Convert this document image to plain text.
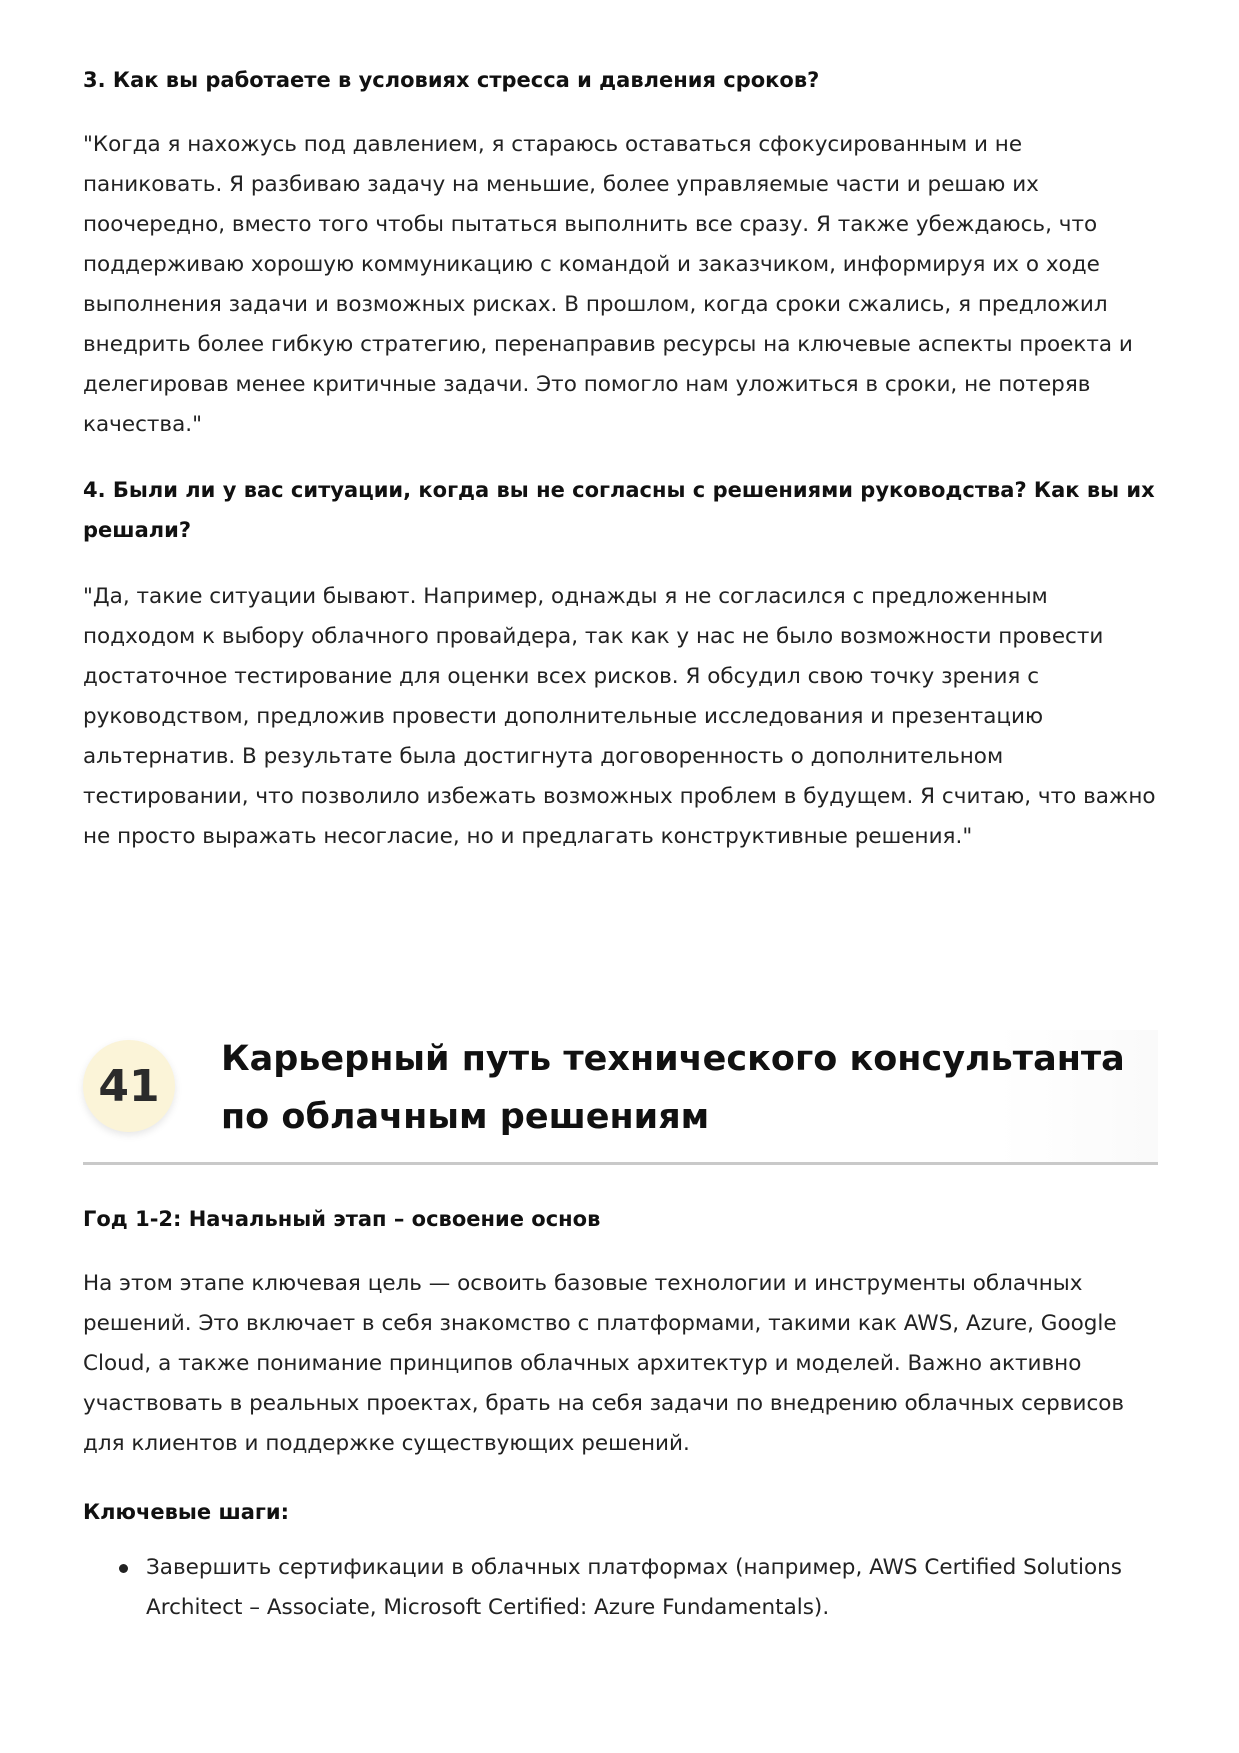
3. Как вы работаете в условиях стресса и давления сроков?

"Когда я нахожусь под давлением, я стараюсь оставаться сфокусированным и не паниковать. Я разбиваю задачу на меньшие, более управляемые части и решаю их поочередно, вместо того чтобы пытаться выполнить все сразу. Я также убеждаюсь, что поддерживаю хорошую коммуникацию с командой и заказчиком, информируя их о ходе выполнения задачи и возможных рисках. В прошлом, когда сроки сжались, я предложил внедрить более гибкую стратегию, перенаправив ресурсы на ключевые аспекты проекта и делегировав менее критичные задачи. Это помогло нам уложиться в сроки, не потеряв качества."

4. Были ли у вас ситуации, когда вы не согласны с решениями руководства? Как вы их решали?

"Да, такие ситуации бывают. Например, однажды я не согласился с предложенным подходом к выбору облачного провайдера, так как у нас не было возможности провести достаточное тестирование для оценки всех рисков. Я обсудил свою точку зрения с руководством, предложив провести дополнительные исследования и презентацию альтернатив. В результате была достигнута договоренность о дополнительном тестировании, что позволило избежать возможных проблем в будущем. Я считаю, что важно не просто выражать несогласие, но и предлагать конструктивные решения."

41
Карьерный путь технического консультанта по облачным решениям

Год 1-2: Начальный этап – освоение основ

На этом этапе ключевая цель — освоить базовые технологии и инструменты облачных решений. Это включает в себя знакомство с платформами, такими как AWS, Azure, Google Cloud, а также понимание принципов облачных архитектур и моделей. Важно активно участвовать в реальных проектах, брать на себя задачи по внедрению облачных сервисов для клиентов и поддержке существующих решений.

Ключевые шаги:

Завершить сертификации в облачных платформах (например, AWS Certified Solutions Architect – Associate, Microsoft Certified: Azure Fundamentals).
